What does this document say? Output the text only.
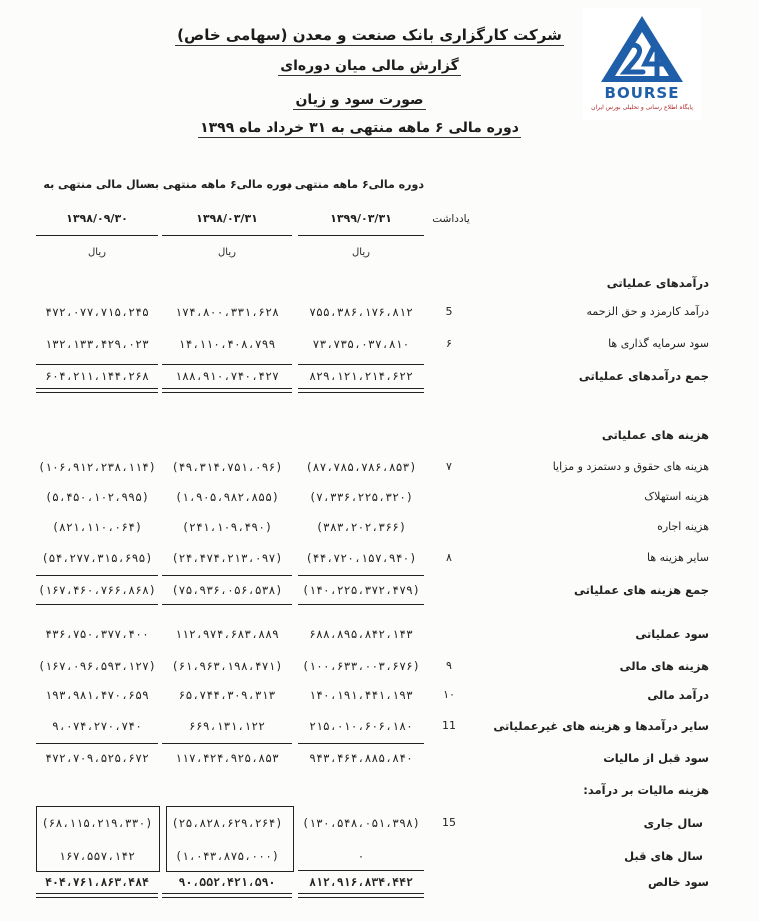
شرکت کارگزاری بانک صنعت و معدن (سهامی خاص)
گزارش مالی میان دوره‌ای
صورت سود و زیان
دوره مالی ۶ ماهه منتهی به ۳۱ خرداد ماه ۱۳۹۹
BOURSE
پایگاه اطلاع رسانی و تحلیلی بورس ایران
دوره مالی۶ ماهه منتهی به
دوره مالی۶ ماهه منتهی به
سال مالی منتهی به
۱۳۹۹/۰۳/۳۱
۱۳۹۸/۰۳/۳۱
۱۳۹۸/۰۹/۳۰	یادداشت
ریال
ریال
ریال
درآمدهای عملیاتی
درآمد کارمزد و حق الزحمه
5
۷۵۵،۳۸۶،۱۷۶،۸۱۲
۱۷۴،۸۰۰،۳۳۱،۶۲۸
۴۷۲،۰۷۷،۷۱۵،۲۴۵
سود سرمایه گذاری ها
۶
۷۳،۷۳۵،۰۳۷،۸۱۰
۱۴،۱۱۰،۴۰۸،۷۹۹
۱۳۲،۱۳۳،۴۲۹،۰۲۳
جمع درآمدهای عملیاتی
۸۲۹،۱۲۱،۲۱۴،۶۲۲
۱۸۸،۹۱۰،۷۴۰،۴۲۷
۶۰۴،۲۱۱،۱۴۴،۲۶۸
هزینه های عملیاتی
هزینه های حقوق و دستمزد و مزایا
۷
(۸۷،۷۸۵،۷۸۶،۸۵۳)
(۴۹،۳۱۴،۷۵۱،۰۹۶)
(۱۰۶،۹۱۲،۲۳۸،۱۱۴)
هزینه استهلاک
(۷،۳۳۶،۲۲۵،۳۲۰)
(۱،۹۰۵،۹۸۲،۸۵۵)
(۵،۴۵۰،۱۰۲،۹۹۵)
هزینه اجاره
(۳۸۳،۲۰۲،۳۶۶)
(۲۴۱،۱۰۹،۴۹۰)
(۸۲۱،۱۱۰،۰۶۴)
سایر هزینه ها
۸
(۴۴،۷۲۰،۱۵۷،۹۴۰)
(۲۴،۴۷۴،۲۱۳،۰۹۷)
(۵۴،۲۷۷،۳۱۵،۶۹۵)
جمع هزینه های عملیاتی
(۱۴۰،۲۲۵،۳۷۲،۴۷۹)
(۷۵،۹۳۶،۰۵۶،۵۳۸)
(۱۶۷،۴۶۰،۷۶۶،۸۶۸)
سود عملیاتی
۶۸۸،۸۹۵،۸۴۲،۱۴۳
۱۱۲،۹۷۴،۶۸۳،۸۸۹
۴۳۶،۷۵۰،۳۷۷،۴۰۰
هزینه های مالی
۹
(۱۰۰،۶۳۳،۰۰۳،۶۷۶)
(۶۱،۹۶۳،۱۹۸،۴۷۱)
(۱۶۷،۰۹۶،۵۹۳،۱۲۷)
درآمد مالی
۱۰
۱۴۰،۱۹۱،۴۴۱،۱۹۳
۶۵،۷۴۴،۳۰۹،۳۱۳
۱۹۳،۹۸۱،۴۷۰،۶۵۹
سایر درآمدها و هزینه های غیرعملیاتی
11
۲۱۵،۰۱۰،۶۰۶،۱۸۰
۶۶۹،۱۳۱،۱۲۲
۹،۰۷۴،۲۷۰،۷۴۰
سود قبل از مالیات
۹۴۳،۴۶۴،۸۸۵،۸۴۰
۱۱۷،۴۲۴،۹۲۵،۸۵۳
۴۷۲،۷۰۹،۵۲۵،۶۷۲
هزینه مالیات بر درآمد:
سال جاری
15
(۱۳۰،۵۴۸،۰۵۱،۳۹۸)
(۲۵،۸۲۸،۶۲۹،۲۶۴)
(۶۸،۱۱۵،۲۱۹،۳۳۰)
سال های قبل
۰
(۱،۰۴۳،۸۷۵،۰۰۰)
۱۶۷،۵۵۷،۱۴۲
سود خالص
۸۱۲،۹۱۶،۸۳۴،۴۴۲
۹۰،۵۵۲،۴۲۱،۵۹۰
۴۰۴،۷۶۱،۸۶۳،۴۸۴
